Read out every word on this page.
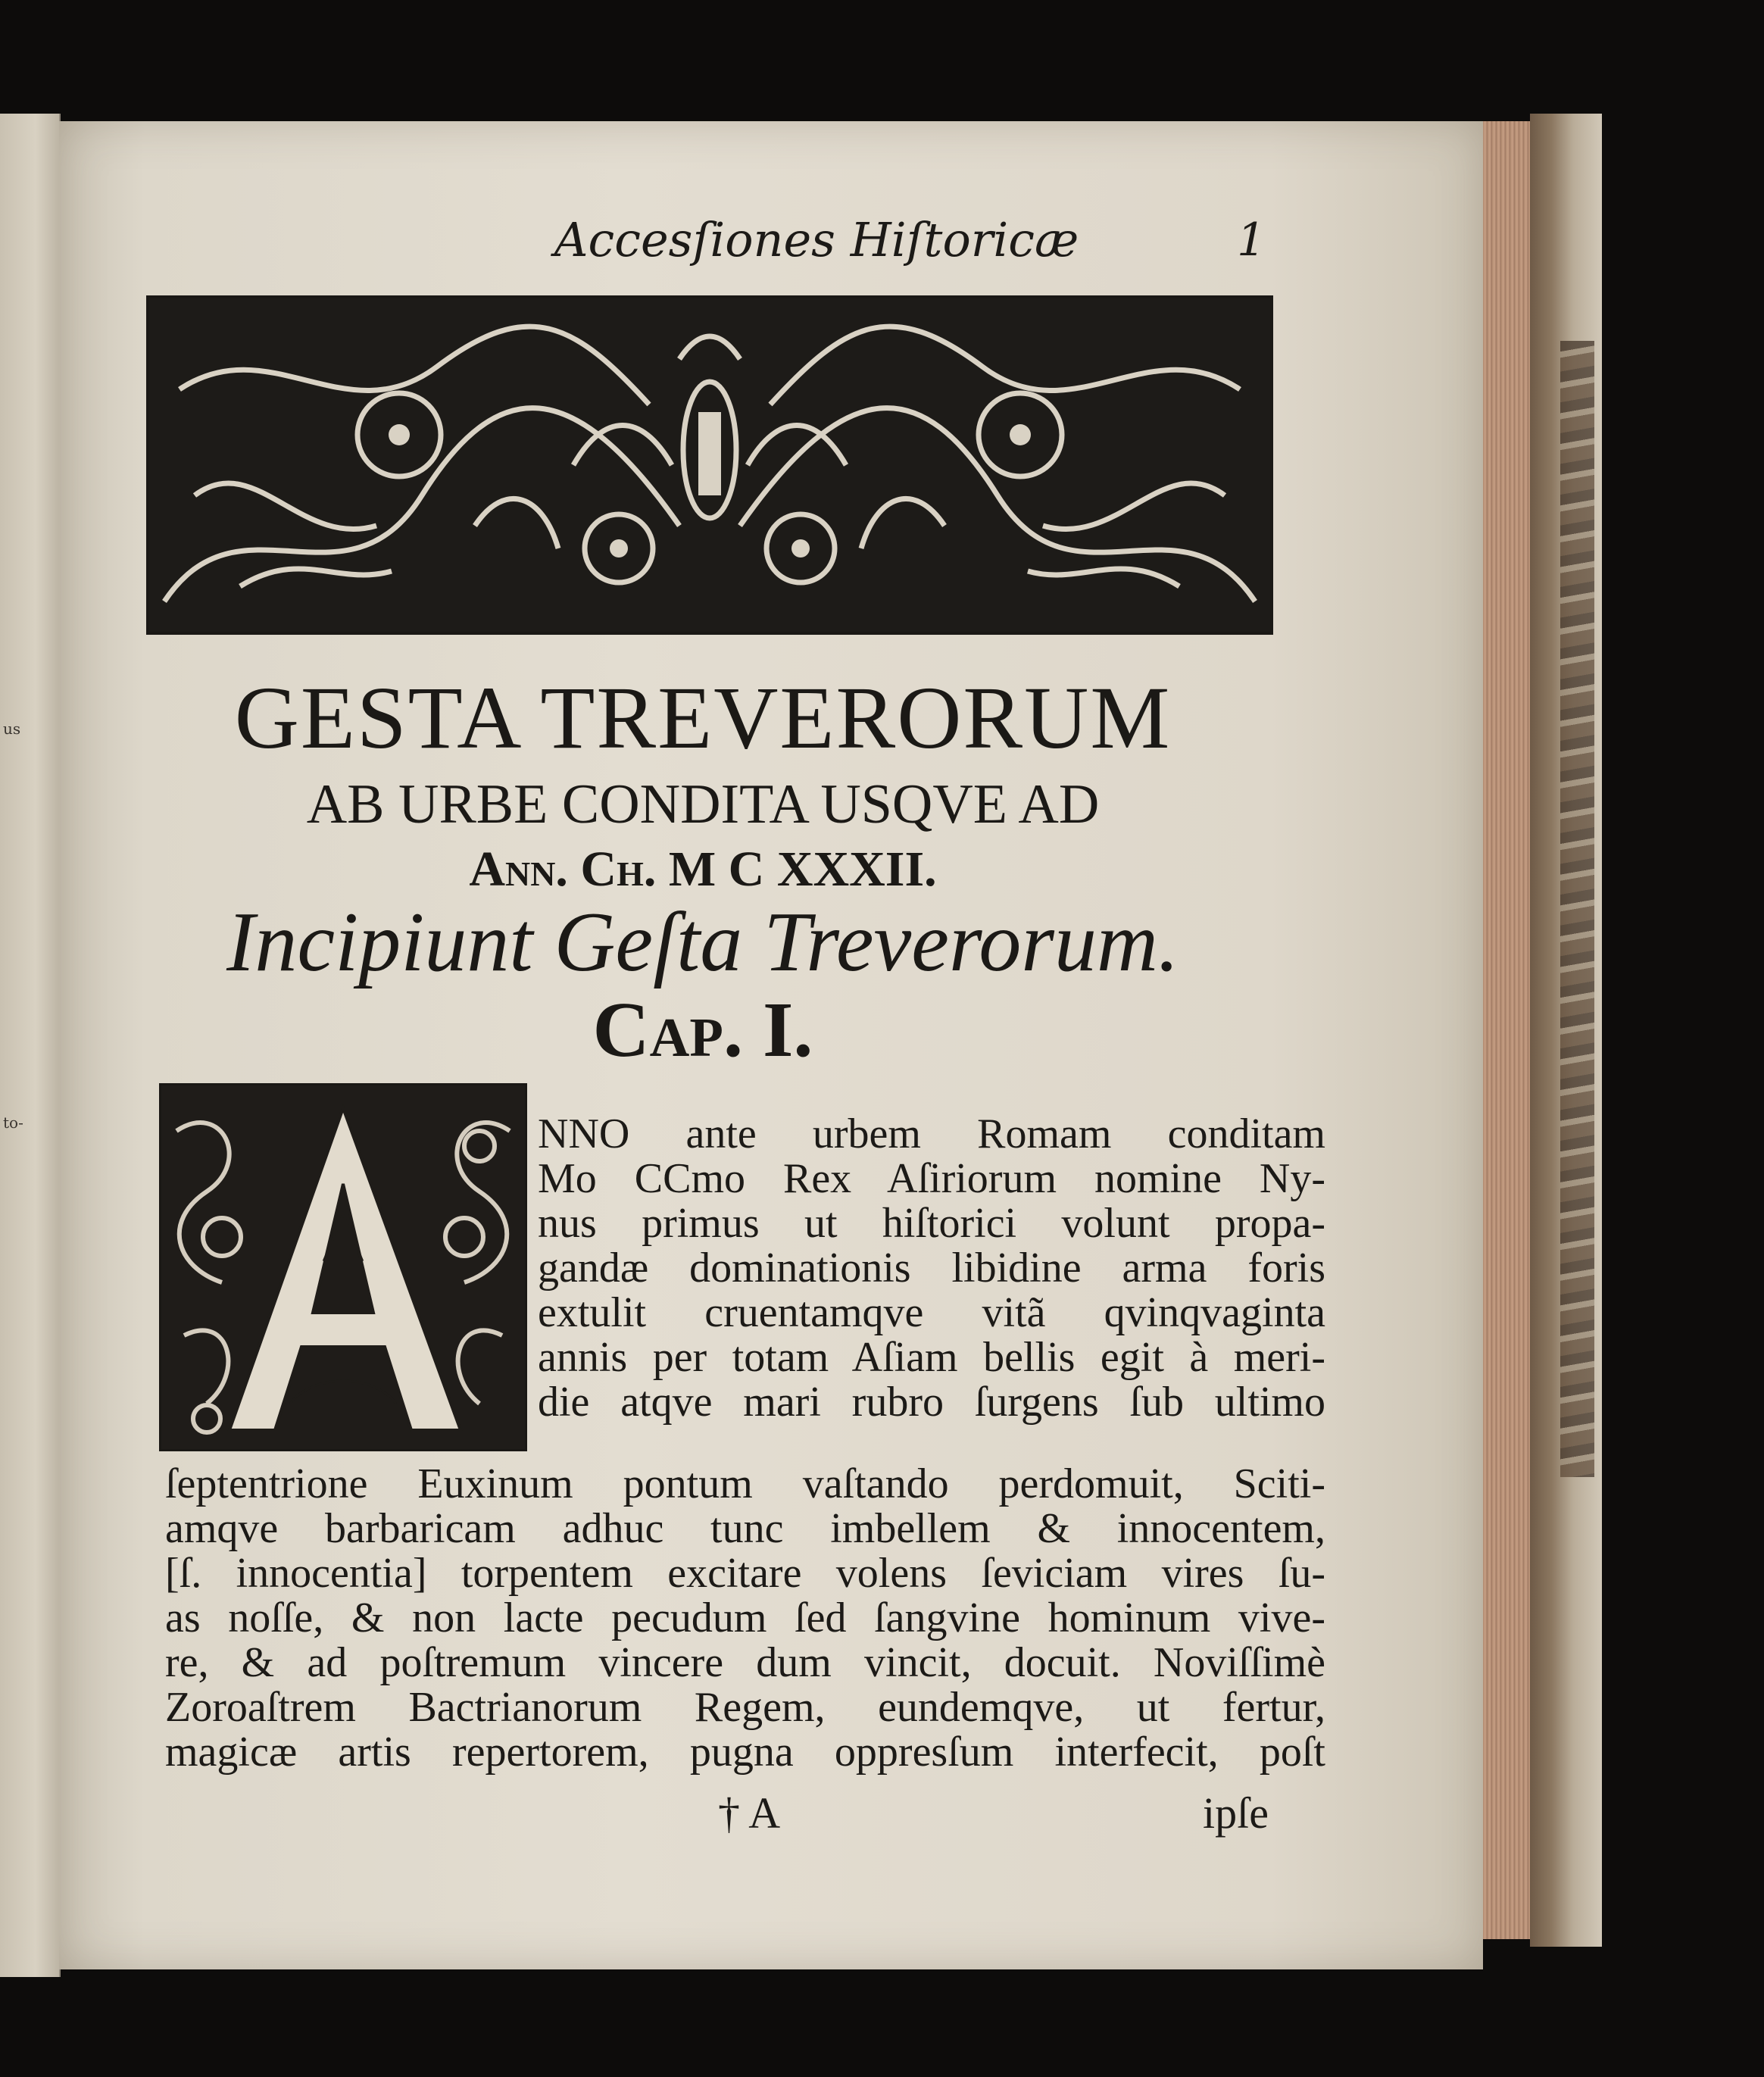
us
to-
Accesſiones Hiſtoricæ	1
GESTA TREVERORUM
AB URBE CONDITA USQVE AD
Ann. Ch. M C XXXII.
Incipiunt Geſta Treverorum.
Cap. I.
NNO ante urbem Romam conditam
Mo CCmo Rex Aſiriorum nomine Ny-
nus primus ut hiſtorici volunt propa-
gandæ dominationis libidine arma foris
extulit cruentamqve vitã qvinqvaginta
annis per totam Aſiam bellis egit à meri-
die atqve mari rubro ſurgens ſub ultimo
ſeptentrione Euxinum pontum vaſtando perdomuit, Sciti-
amqve barbaricam adhuc tunc imbellem & innocentem,
[ſ. innocentia] torpentem excitare volens ſeviciam vires ſu-
as noſſe, & non lacte pecudum ſed ſangvine hominum vive-
re, & ad poſtremum vincere dum vincit, docuit. Noviſſimè
Zoroaſtrem Bactrianorum Regem, eundemqve, ut fertur,
magicæ artis repertorem, pugna oppresſum interfecit, poſt
† A	ipſe
